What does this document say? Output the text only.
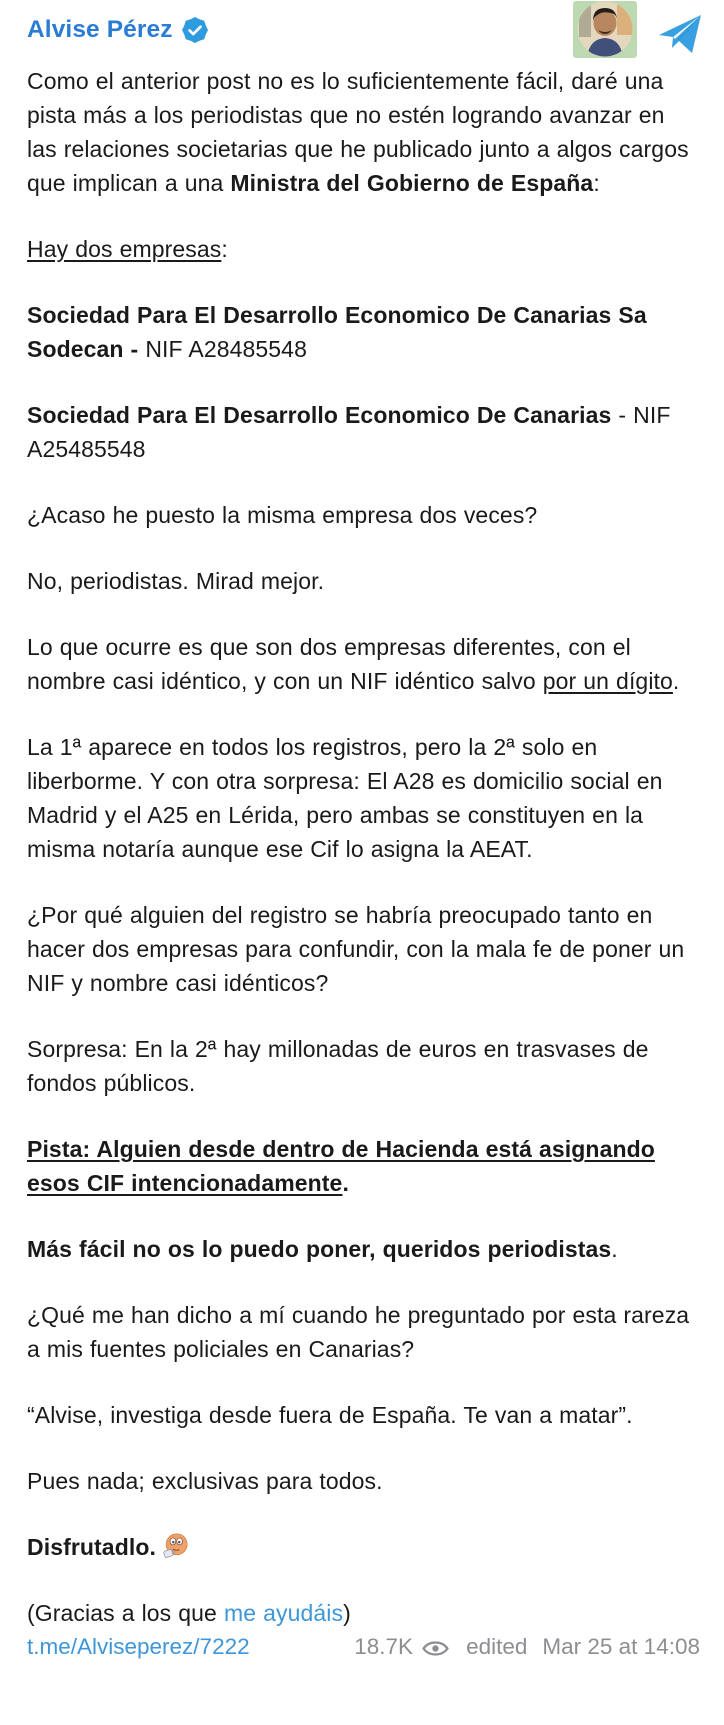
Alvise Pérez
Como el anterior post no es lo suficientemente fácil, daré una pista más a los periodistas que no estén logrando avanzar en las relaciones societarias que he publicado junto a algos cargos que implican a una Ministra del Gobierno de España:
Hay dos empresas:
Sociedad Para El Desarrollo Economico De Canarias Sa Sodecan - NIF A28485548
Sociedad Para El Desarrollo Economico De Canarias - NIF A25485548
¿Acaso he puesto la misma empresa dos veces?
No, periodistas. Mirad mejor.
Lo que ocurre es que son dos empresas diferentes, con el nombre casi idéntico, y con un NIF idéntico salvo por un dígito.
La 1ª aparece en todos los registros, pero la 2ª solo en liberborme. Y con otra sorpresa: El A28 es domicilio social en Madrid y el A25 en Lérida, pero ambas se constituyen en la misma notaría aunque ese Cif lo asigna la AEAT.
¿Por qué alguien del registro se habría preocupado tanto en hacer dos empresas para confundir, con la mala fe de poner un NIF y nombre casi idénticos?
Sorpresa: En la 2ª hay millonadas de euros en trasvases de fondos públicos.
Pista: Alguien desde dentro de Hacienda está asignando esos CIF intencionadamente.
Más fácil no os lo puedo poner, queridos periodistas.
¿Qué me han dicho a mí cuando he preguntado por esta rareza a mis fuentes policiales en Canarias?
“Alvise, investiga desde fuera de España. Te van a matar”.
Pues nada; exclusivas para todos.
Disfrutadlo.
(Gracias a los que me ayudáis)
t.me/Alviseperez/7222	18.7K edited Mar 25 at 14:08
